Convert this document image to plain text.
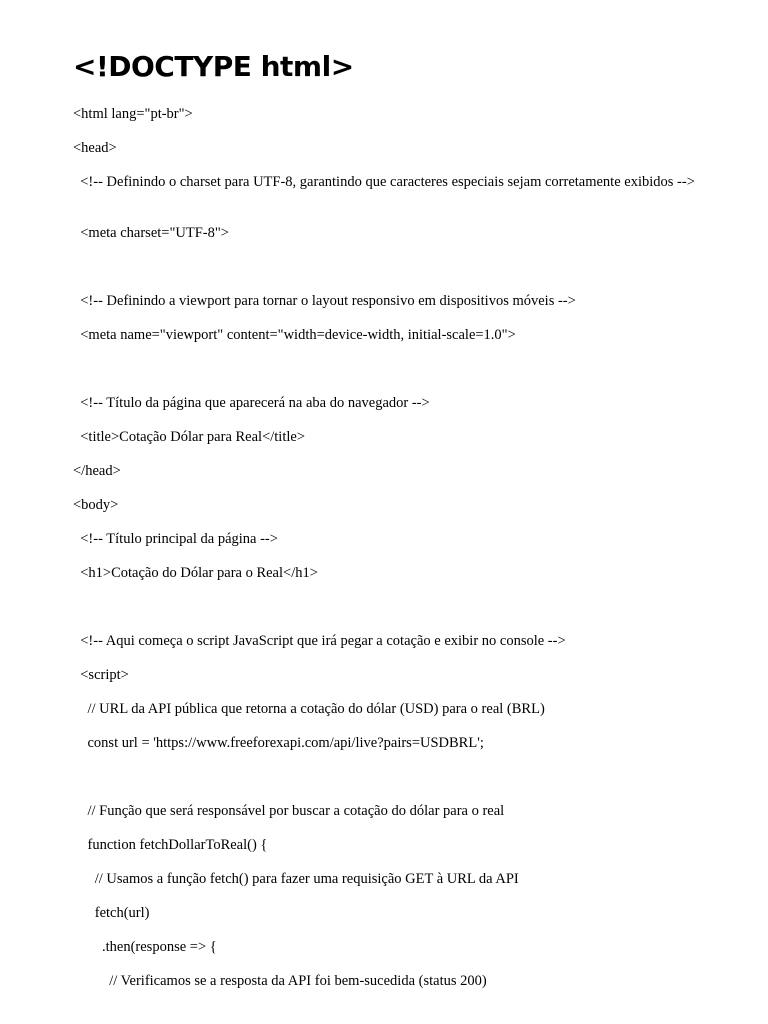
<!DOCTYPE html>
<html lang="pt-br">
<head>
<!-- Definindo o charset para UTF-8, garantindo que caracteres especiais sejam corretamente exibidos -->
<meta charset="UTF-8">
<!-- Definindo a viewport para tornar o layout responsivo em dispositivos móveis -->
<meta name="viewport" content="width=device-width, initial-scale=1.0">
<!-- Título da página que aparecerá na aba do navegador -->
<title>Cotação Dólar para Real</title>
</head>
<body>
<!-- Título principal da página -->
<h1>Cotação do Dólar para o Real</h1>
<!-- Aqui começa o script JavaScript que irá pegar a cotação e exibir no console -->
<script>
// URL da API pública que retorna a cotação do dólar (USD) para o real (BRL)
const url = 'https://www.freeforexapi.com/api/live?pairs=USDBRL';
// Função que será responsável por buscar a cotação do dólar para o real
function fetchDollarToReal() {
// Usamos a função fetch() para fazer uma requisição GET à URL da API
fetch(url)
.then(response => {
// Verificamos se a resposta da API foi bem-sucedida (status 200)
